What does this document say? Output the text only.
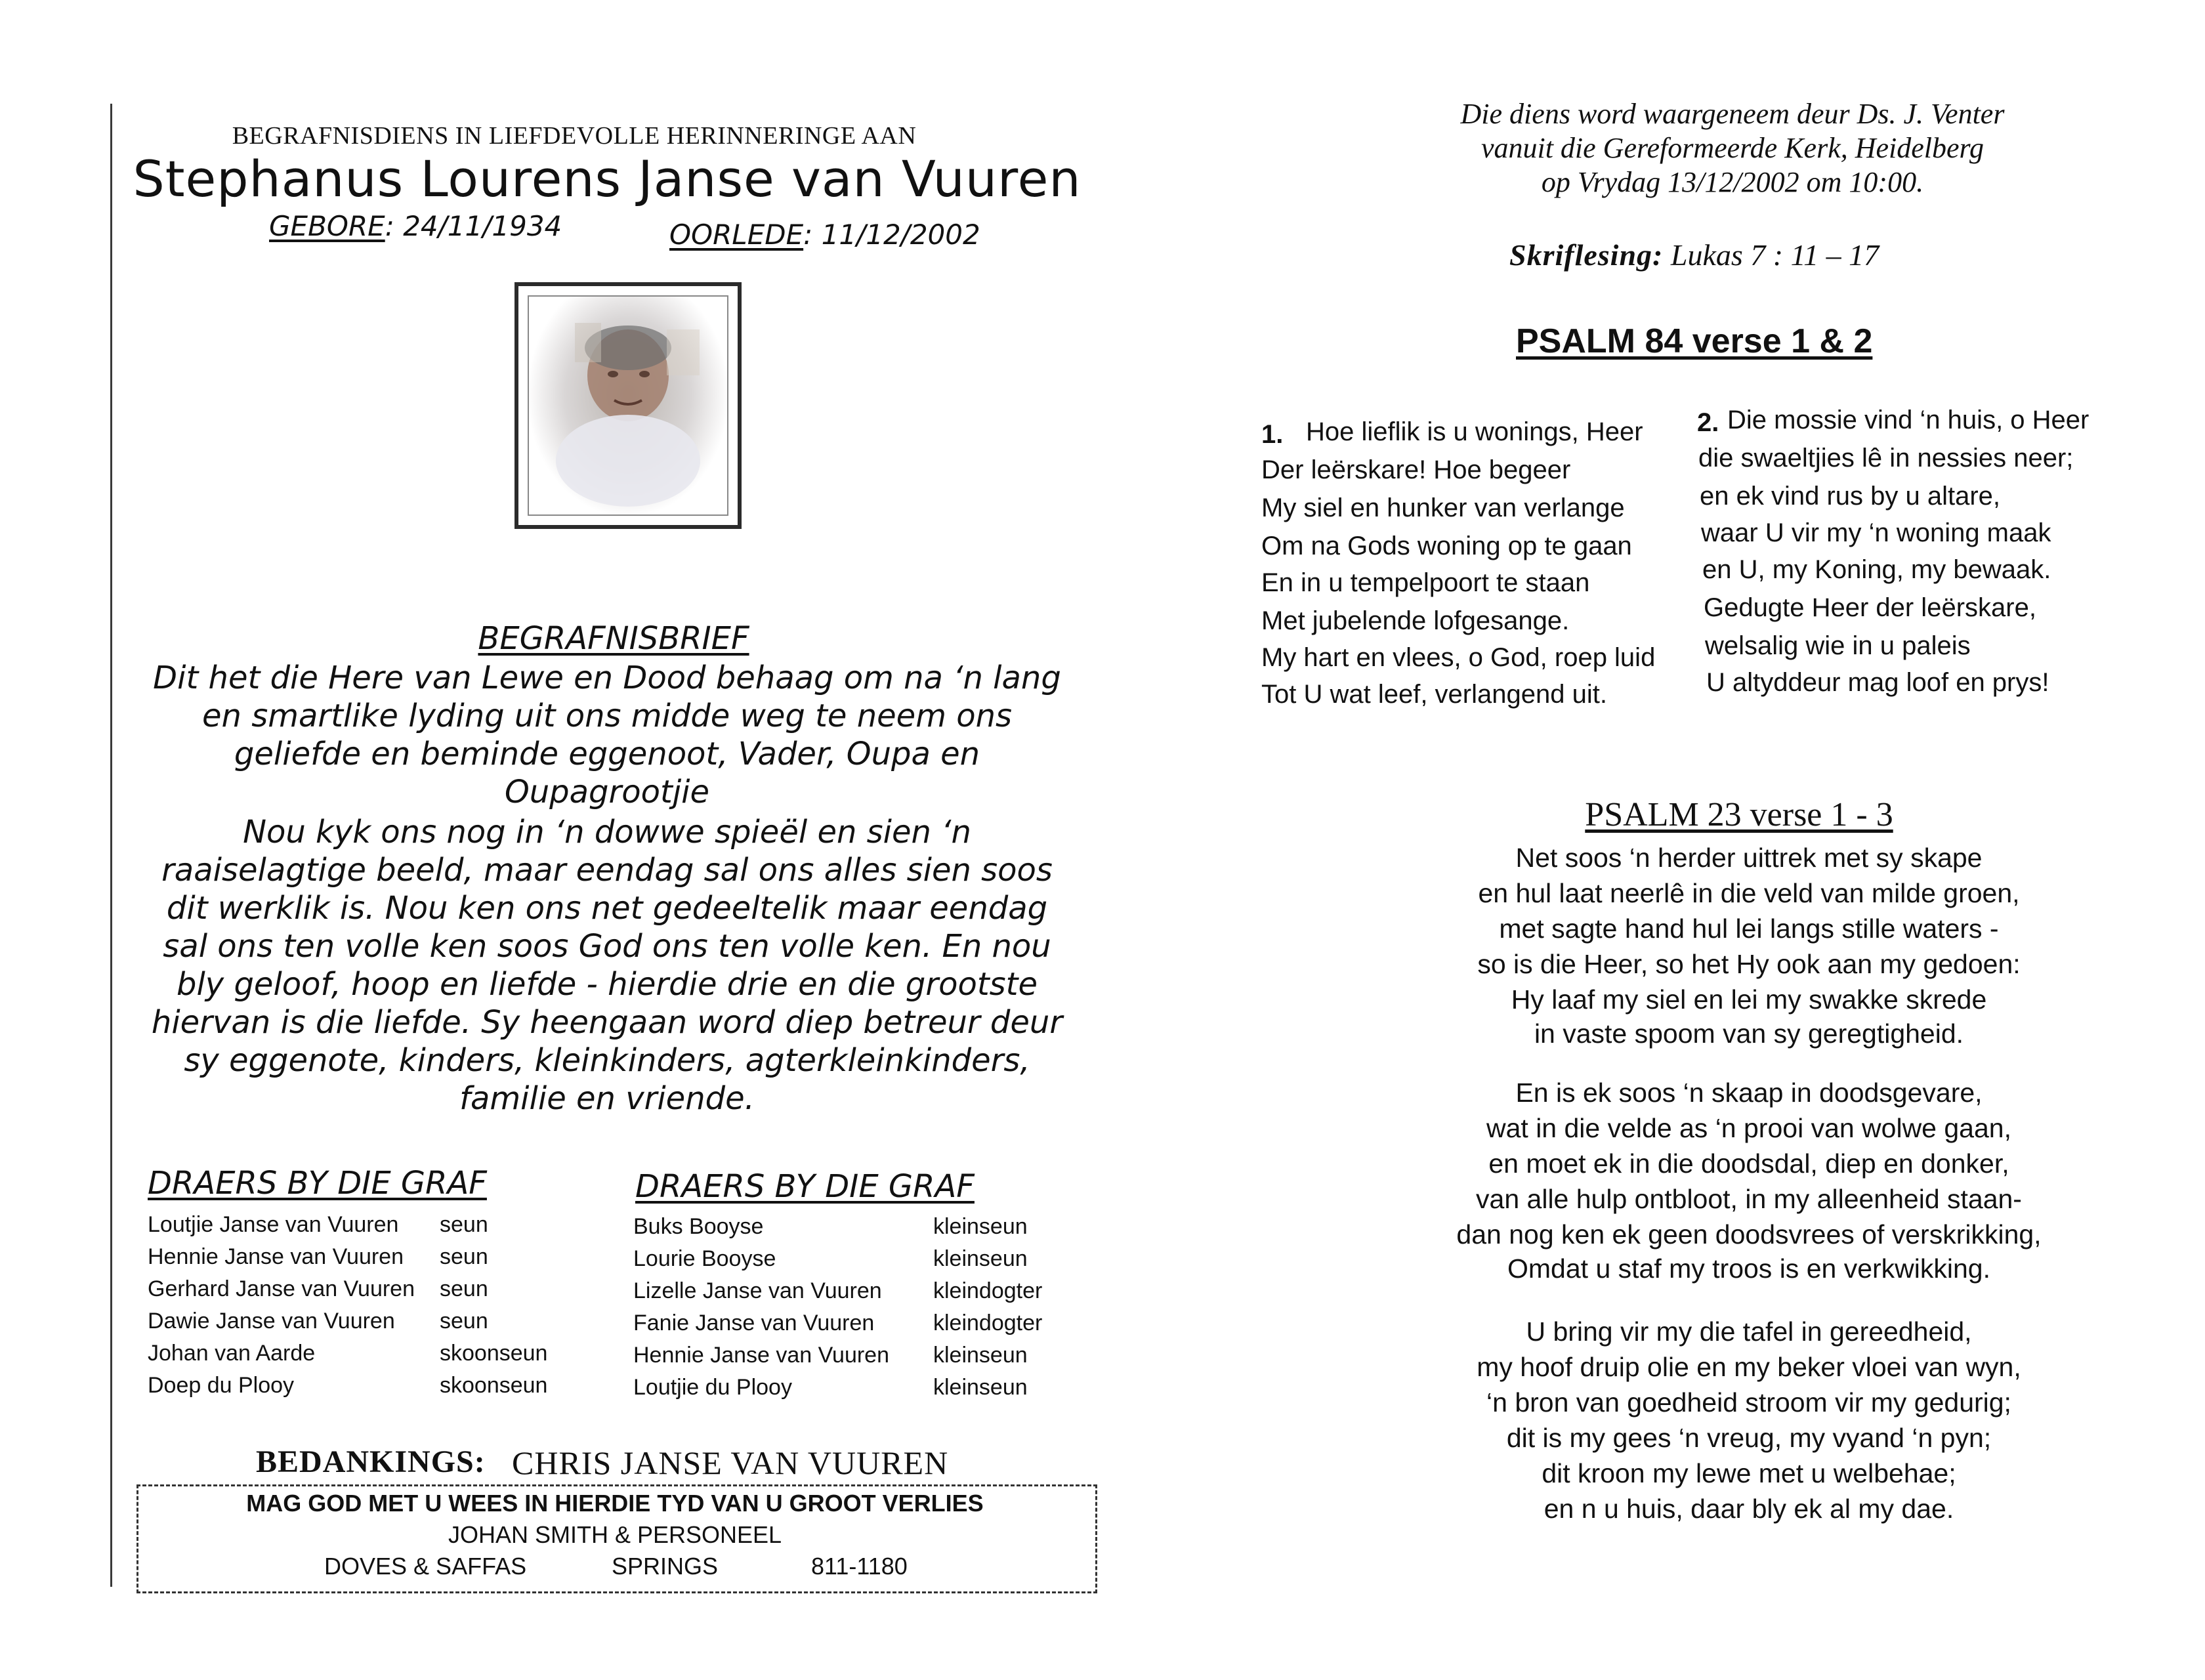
BEGRAFNISDIENS IN LIEFDEVOLLE HERINNERINGE AAN
Stephanus Lourens Janse van Vuuren
GEBORE: 24/11/1934	OORLEDE: 11/12/2002
BEGRAFNISBRIEF
Dit het die Here van Lewe en Dood behaag om na ‘n lang
en smartlike lyding uit ons midde weg te neem ons
geliefde en beminde eggenoot, Vader, Oupa en
Oupagrootjie
Nou kyk ons nog in ‘n dowwe spieël en sien ‘n
raaiselagtige beeld, maar eendag sal ons alles sien soos
dit werklik is. Nou ken ons net gedeeltelik maar eendag
sal ons ten volle ken soos God ons ten volle ken. En nou
bly geloof, hoop en liefde - hierdie drie en die grootste
hiervan is die liefde. Sy heengaan word diep betreur deur
sy eggenote, kinders, kleinkinders, agterkleinkinders,
familie en vriende.
DRAERS BY DIE GRAF
Loutjie Janse van Vuuren seun
Hennie Janse van Vuuren seun
Gerhard Janse van Vuuren seun
Dawie Janse van Vuuren seun
Johan van Aarde	skoonseun
Doep du Plooy	skoonseun
DRAERS BY DIE GRAF
Buks Booyse	kleinseun
Lourie Booyse	kleinseun
Lizelle Janse van Vuuren kleindogter
Fanie Janse van Vuuren	kleindogter
Hennie Janse van Vuuren kleinseun
Loutjie du Plooy	kleinseun
BEDANKINGS: CHRIS JANSE VAN VUUREN
MAG GOD MET U WEES IN HIERDIE TYD VAN U GROOT VERLIES
JOHAN SMITH & PERSONEEL
DOVES & SAFFAS	SPRINGS	811-1180
Die diens word waargeneem deur Ds. J. Venter
vanuit die Gereformeerde Kerk, Heidelberg
op Vrydag 13/12/2002 om 10:00.
Skriflesing: Lukas 7 : 11 – 17
PSALM 84 verse 1 & 2
1. Hoe lieflik is u wonings, Heer
Der leërskare! Hoe begeer
My siel en hunker van verlange
Om na Gods woning op te gaan
En in u tempelpoort te staan
Met jubelende lofgesange.
My hart en vlees, o God, roep luid
Tot U wat leef, verlangend uit.
2. Die mossie vind ‘n huis, o Heer
die swaeltjies lê in nessies neer;
en ek vind rus by u altare,
waar U vir my ‘n woning maak
en U, my Koning, my bewaak.
Gedugte Heer der leërskare,
welsalig wie in u paleis
U altyddeur mag loof en prys!
PSALM 23 verse 1 - 3
Net soos ‘n herder uittrek met sy skape
en hul laat neerlê in die veld van milde groen,
met sagte hand hul lei langs stille waters -
so is die Heer, so het Hy ook aan my gedoen:
Hy laaf my siel en lei my swakke skrede
in vaste spoom van sy geregtigheid.
En is ek soos ‘n skaap in doodsgevare,
wat in die velde as ‘n prooi van wolwe gaan,
en moet ek in die doodsdal, diep en donker,
van alle hulp ontbloot, in my alleenheid staan-
dan nog ken ek geen doodsvrees of verskrikking,
Omdat u staf my troos is en verkwikking.
U bring vir my die tafel in gereedheid,
my hoof druip olie en my beker vloei van wyn,
‘n bron van goedheid stroom vir my gedurig;
dit is my gees ‘n vreug, my vyand ‘n pyn;
dit kroon my lewe met u welbehae;
en n u huis, daar bly ek al my dae.
